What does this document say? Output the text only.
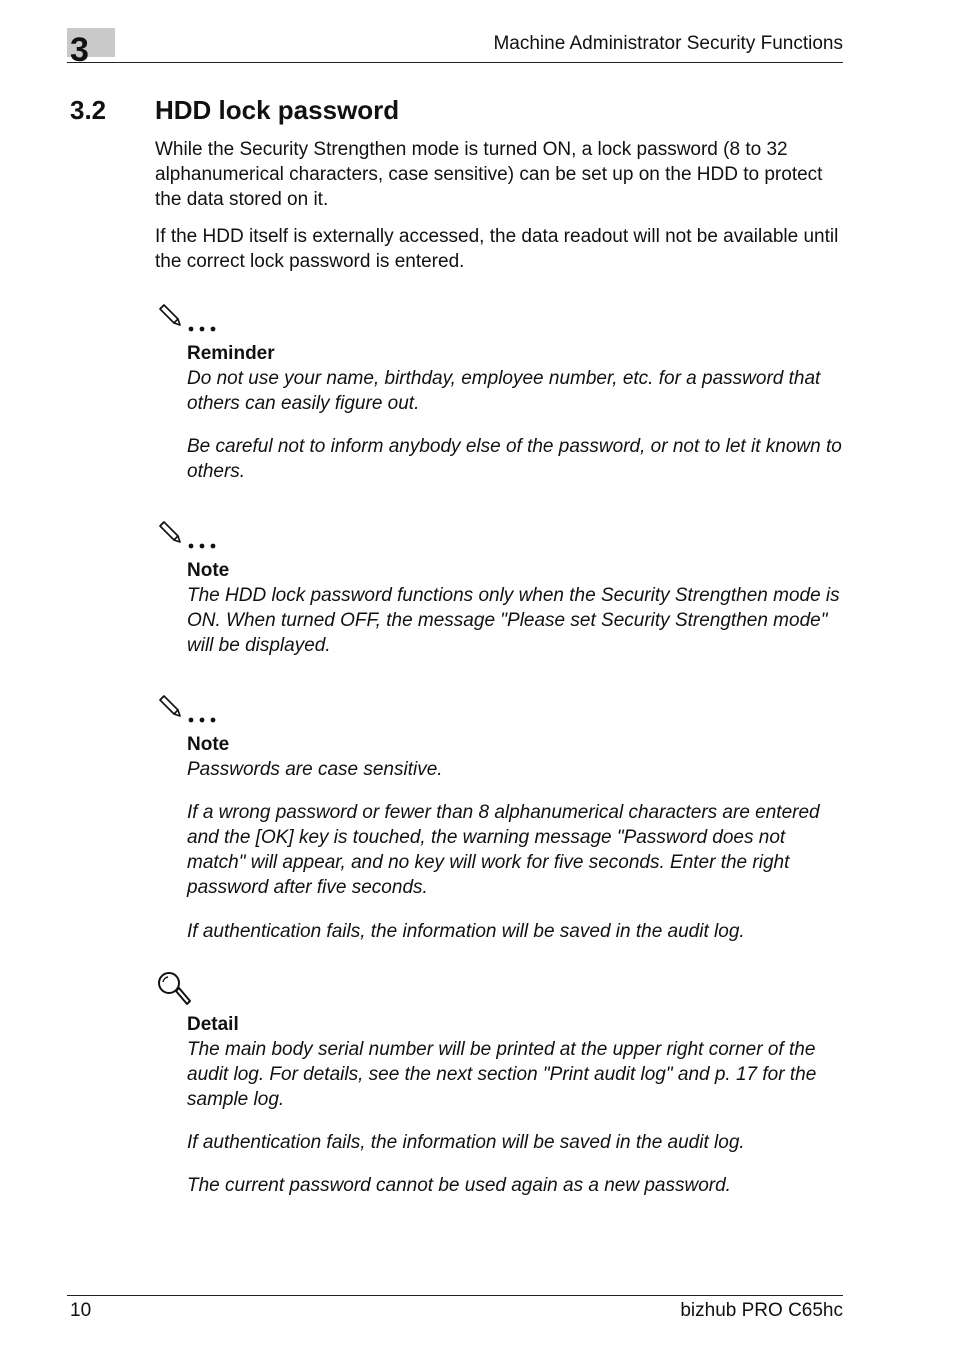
3	Machine Administrator Security Functions
3.2 HDD lock password

While the Security Strengthen mode is turned ON, a lock password (8 to 32 alphanumerical characters, case sensitive) can be set up on the HDD to protect the data stored on it.

If the HDD itself is externally accessed, the data readout will not be available until the correct lock password is entered.

Reminder

Do not use your name, birthday, employee number, etc. for a password that others can easily figure out.

Be careful not to inform anybody else of the password, or not to let it known to others.

Note

The HDD lock password functions only when the Security Strengthen mode is ON. When turned OFF, the message "Please set Security Strengthen mode" will be displayed.

Note

Passwords are case sensitive.

If a wrong password or fewer than 8 alphanumerical characters are entered and the [OK] key is touched, the warning message "Password does not match" will appear, and no key will work for five seconds. Enter the right password after five seconds.

If authentication fails, the information will be saved in the audit log.

Detail

The main body serial number will be printed at the upper right corner of the audit log. For details, see the next section "Print audit log" and p. 17 for the sample log.

If authentication fails, the information will be saved in the audit log.

The current password cannot be used again as a new password.

10	bizhub PRO C65hc
